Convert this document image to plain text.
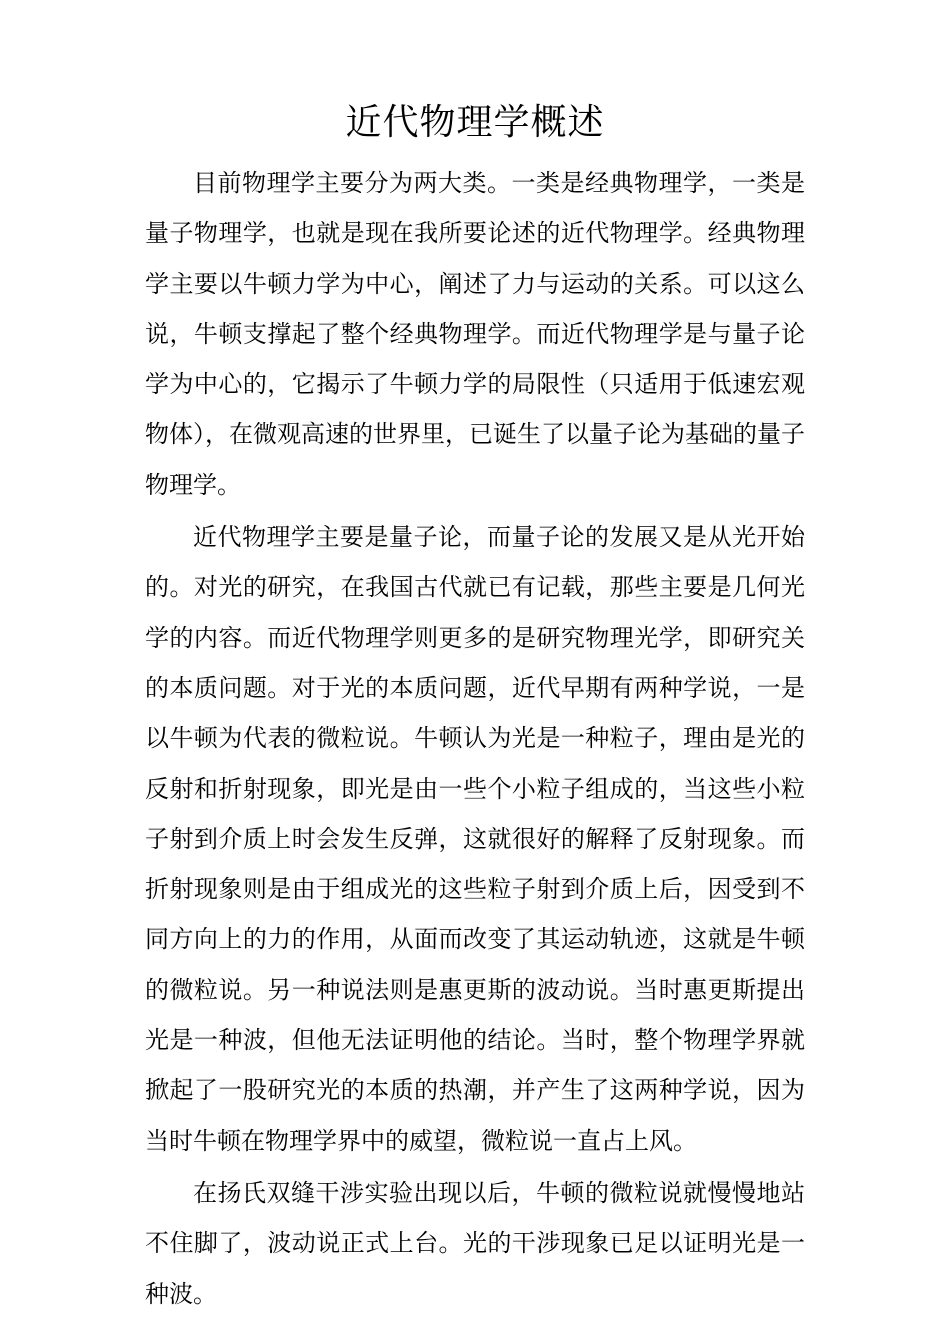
近代物理学概述

目前物理学主要分为两大类。一类是经典物理学，一类是量子物理学，也就是现在我所要论述的近代物理学。经典物理学主要以牛顿力学为中心，阐述了力与运动的关系。可以这么说，牛顿支撑起了整个经典物理学。而近代物理学是与量子论学为中心的，它揭示了牛顿力学的局限性（只适用于低速宏观物体），在微观高速的世界里，已诞生了以量子论为基础的量子物理学。

近代物理学主要是量子论，而量子论的发展又是从光开始的。对光的研究，在我国古代就已有记载，那些主要是几何光学的内容。而近代物理学则更多的是研究物理光学，即研究关的本质问题。对于光的本质问题，近代早期有两种学说，一是以牛顿为代表的微粒说。牛顿认为光是一种粒子，理由是光的反射和折射现象，即光是由一些个小粒子组成的，当这些小粒子射到介质上时会发生反弹，这就很好的解释了反射现象。而折射现象则是由于组成光的这些粒子射到介质上后，因受到不同方向上的力的作用，从面而改变了其运动轨迹，这就是牛顿的微粒说。另一种说法则是惠更斯的波动说。当时惠更斯提出光是一种波，但他无法证明他的结论。当时，整个物理学界就掀起了一股研究光的本质的热潮，并产生了这两种学说，因为当时牛顿在物理学界中的威望，微粒说一直占上风。

在扬氏双缝干涉实验出现以后，牛顿的微粒说就慢慢地站不住脚了，波动说正式上台。光的干涉现象已足以证明光是一种波。
